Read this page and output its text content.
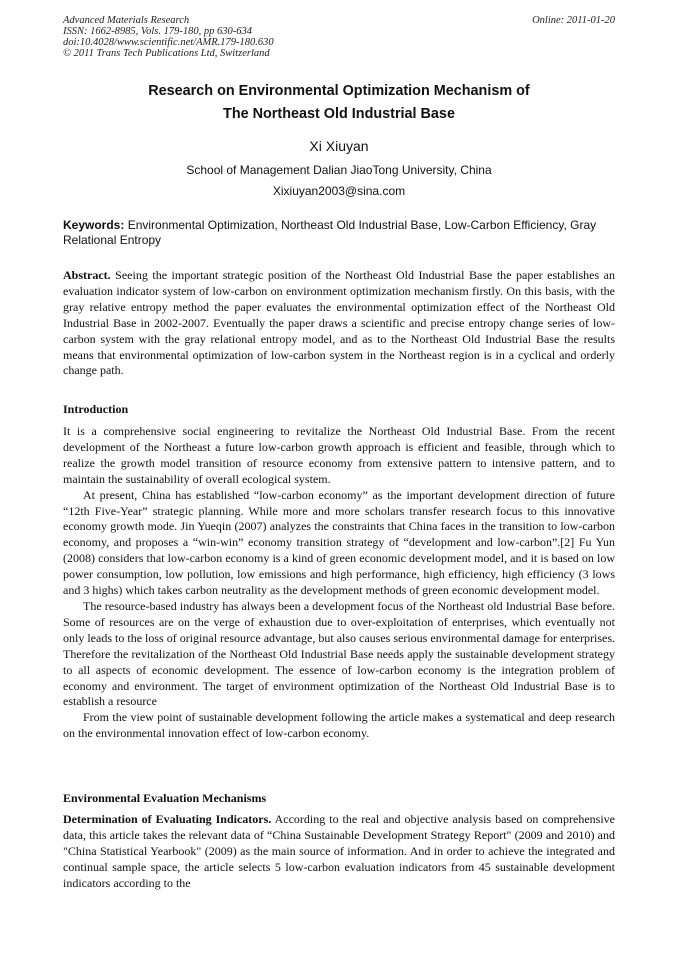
Advanced Materials Research
ISSN: 1662-8985, Vols. 179-180, pp 630-634
doi:10.4028/www.scientific.net/AMR.179-180.630
© 2011 Trans Tech Publications Ltd, Switzerland
Online: 2011-01-20
Research on Environmental Optimization Mechanism of
The Northeast Old Industrial Base
Xi Xiuyan
School of Management Dalian JiaoTong University, China
Xixiuyan2003@sina.com
Keywords: Environmental Optimization, Northeast Old Industrial Base, Low-Carbon Efficiency, Gray Relational Entropy

Abstract. Seeing the important strategic position of the Northeast Old Industrial Base the paper establishes an evaluation indicator system of low-carbon on environment optimization mechanism firstly. On this basis, with the gray relative entropy method the paper evaluates the environmental optimization effect of the Northeast Old Industrial Base in 2002-2007. Eventually the paper draws a scientific and precise entropy change series of low-carbon system with the gray relational entropy model, and as to the Northeast Old Industrial Base the results means that environmental optimization of low-carbon system in the Northeast region is in a cyclical and orderly change path.

Introduction

It is a comprehensive social engineering to revitalize the Northeast Old Industrial Base. From the recent development of the Northeast a future low-carbon growth approach is efficient and feasible, through which to realize the growth model transition of resource economy from extensive pattern to intensive pattern, and to maintain the sustainability of overall ecological system.

At present, China has established “low-carbon economy” as the important development direction of future “12th Five-Year” strategic planning. While more and more scholars transfer research focus to this innovative economy growth mode. Jin Yueqin (2007) analyzes the constraints that China faces in the transition to low-carbon economy, and proposes a “win-win” economy transition strategy of “development and low-carbon”.[2] Fu Yun (2008) considers that low-carbon economy is a kind of green economic development model, and it is based on low power consumption, low pollution, low emissions and high performance, high efficiency, high efficiency (3 lows and 3 highs) which takes carbon neutrality as the development methods of green economic development model.

The resource-based industry has always been a development focus of the Northeast old Industrial Base before. Some of resources are on the verge of exhaustion due to over-exploitation of enterprises, which eventually not only leads to the loss of original resource advantage, but also causes serious environmental damage for enterprises. Therefore the revitalization of the Northeast Old Industrial Base needs apply the sustainable development strategy to all aspects of economic development. The essence of low-carbon economy is the integration problem of economy and environment. The target of environment optimization of the Northeast Old Industrial Base is to establish a resource

From the view point of sustainable development following the article makes a systematical and deep research on the environmental innovation effect of low-carbon economy.

Environmental Evaluation Mechanisms

Determination of Evaluating Indicators. According to the real and objective analysis based on comprehensive data, this article takes the relevant data of “China Sustainable Development Strategy Report" (2009 and 2010) and "China Statistical Yearbook" (2009) as the main source of information. And in order to achieve the integrated and continual sample space, the article selects 5 low-carbon evaluation indicators from 45 sustainable development indicators according to the
